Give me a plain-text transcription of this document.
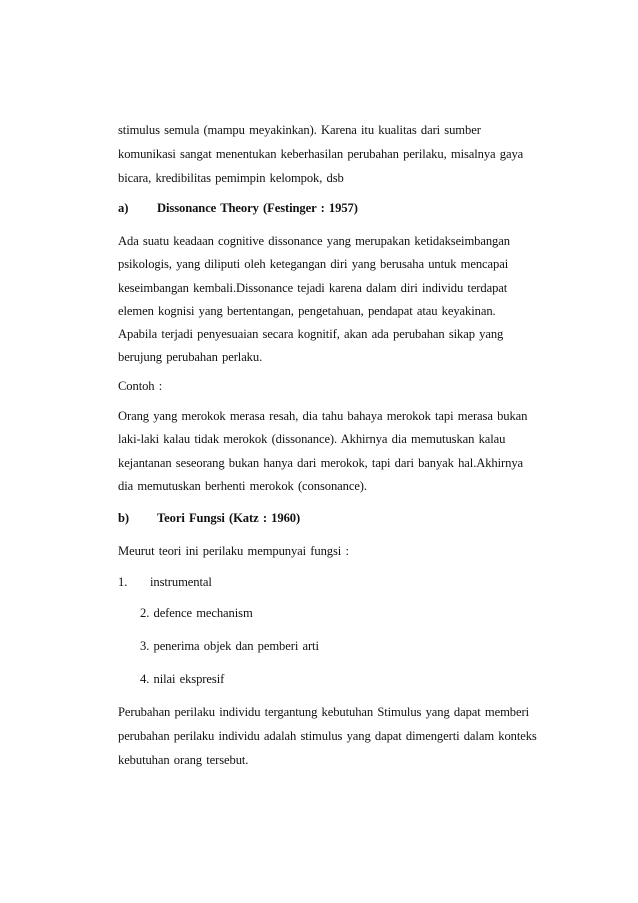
stimulus semula (mampu meyakinkan). Karena itu kualitas dari sumber
komunikasi sangat menentukan keberhasilan perubahan perilaku, misalnya gaya
bicara, kredibilitas pemimpin kelompok, dsb
a) Dissonance Theory (Festinger : 1957)
Ada suatu keadaan cognitive dissonance yang merupakan ketidakseimbangan
psikologis, yang diliputi oleh ketegangan diri yang berusaha untuk mencapai
keseimbangan kembali.Dissonance tejadi karena dalam diri individu terdapat
elemen kognisi yang bertentangan, pengetahuan, pendapat atau keyakinan.
Apabila terjadi penyesuaian secara kognitif, akan ada perubahan sikap yang
berujung perubahan perlaku.
Contoh :
Orang yang merokok merasa resah, dia tahu bahaya merokok tapi merasa bukan
laki-laki kalau tidak merokok (dissonance). Akhirnya dia memutuskan kalau
kejantanan seseorang bukan hanya dari merokok, tapi dari banyak hal.Akhirnya
dia memutuskan berhenti merokok (consonance).
b) Teori Fungsi (Katz : 1960)
Meurut teori ini perilaku mempunyai fungsi :
1. instrumental
2. defence mechanism
3. penerima objek dan pemberi arti
4. nilai ekspresif
Perubahan perilaku individu tergantung kebutuhan Stimulus yang dapat memberi
perubahan perilaku individu adalah stimulus yang dapat dimengerti dalam konteks
kebutuhan orang tersebut.
